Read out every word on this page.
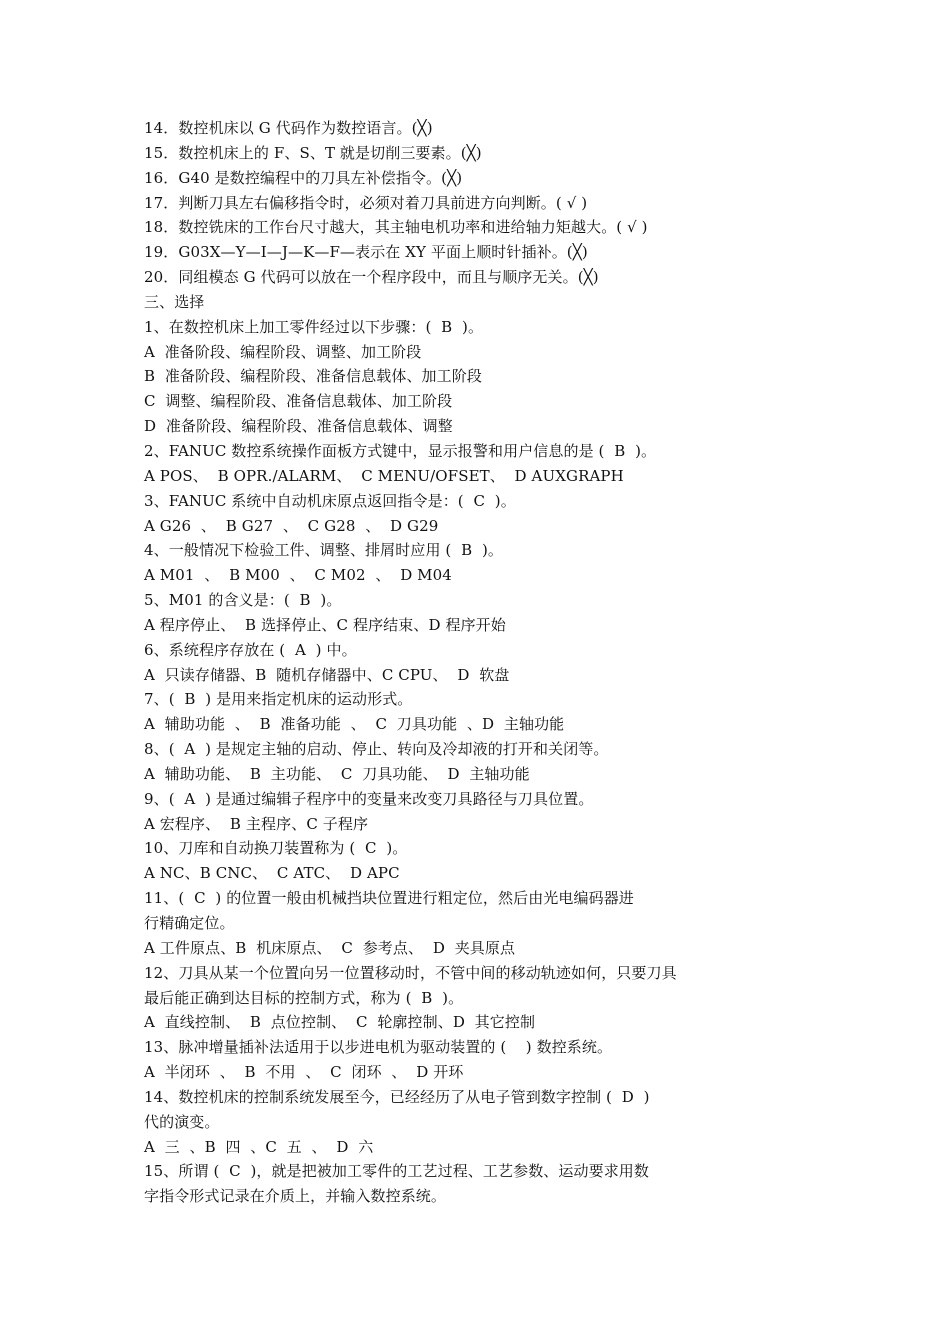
14．数控机床以 G 代码作为数控语言。(╳)
15．数控机床上的 F、S、T 就是切削三要素。(╳)
16．G40 是数控编程中的刀具左补偿指令。(╳)
17．判断刀具左右偏移指令时，必须对着刀具前进方向判断。( √ )
18．数控铣床的工作台尺寸越大，其主轴电机功率和进给轴力矩越大。( √ )
19．G03X—Y—I—J—K—F—表示在 XY 平面上顺时针插补。(╳)
20．同组模态 G 代码可以放在一个程序段中，而且与顺序无关。(╳)
三、选择
1、在数控机床上加工零件经过以下步骤：(  B  )。
A  准备阶段、编程阶段、调整、加工阶段
B  准备阶段、编程阶段、准备信息载体、加工阶段
C  调整、编程阶段、准备信息载体、加工阶段
D  准备阶段、编程阶段、准备信息载体、调整
2、FANUC 数控系统操作面板方式键中，显示报警和用户信息的是 (  B  )。
A POS、  B OPR./ALARM、  C MENU/OFSET、  D AUXGRAPH
3、FANUC 系统中自动机床原点返回指令是：(  C  )。
A G26  、  B G27  、  C G28  、  D G29
4、一般情况下检验工件、调整、排屑时应用 (  B  )。
A M01  、  B M00  、  C M02  、  D M04
5、M01 的含义是：(  B  )。
A 程序停止、  B 选择停止、C 程序结束、D 程序开始
6、系统程序存放在 (  A  ) 中。
A  只读存储器、B  随机存储器中、C CPU、  D  软盘
7、(  B  ) 是用来指定机床的运动形式。
A  辅助功能  、  B  准备功能  、  C  刀具功能  、D  主轴功能
8、(  A  ) 是规定主轴的启动、停止、转向及冷却液的打开和关闭等。
A  辅助功能、  B  主功能、  C  刀具功能、  D  主轴功能
9、(  A  ) 是通过编辑子程序中的变量来改变刀具路径与刀具位置。
A 宏程序、  B 主程序、C 子程序
10、刀库和自动换刀装置称为 (  C  )。
A NC、B CNC、  C ATC、  D APC
11、(  C  ) 的位置一般由机械挡块位置进行粗定位，然后由光电编码器进
行精确定位。
A 工件原点、B  机床原点、  C  参考点、  D  夹具原点
12、刀具从某一个位置向另一位置移动时，不管中间的移动轨迹如何，只要刀具
最后能正确到达目标的控制方式，称为 (  B  )。
A  直线控制、  B  点位控制、  C  轮廓控制、D  其它控制
13、脉冲增量插补法适用于以步进电机为驱动装置的 (    ) 数控系统。
A  半闭环  、  B  不用  、  C  闭环  、  D 开环
14、数控机床的控制系统发展至今，已经经历了从电子管到数字控制 (  D  )
代的演变。
A  三  、B  四  、C  五  、  D  六
15、所谓 (  C  )，就是把被加工零件的工艺过程、工艺参数、运动要求用数
字指令形式记录在介质上，并输入数控系统。
